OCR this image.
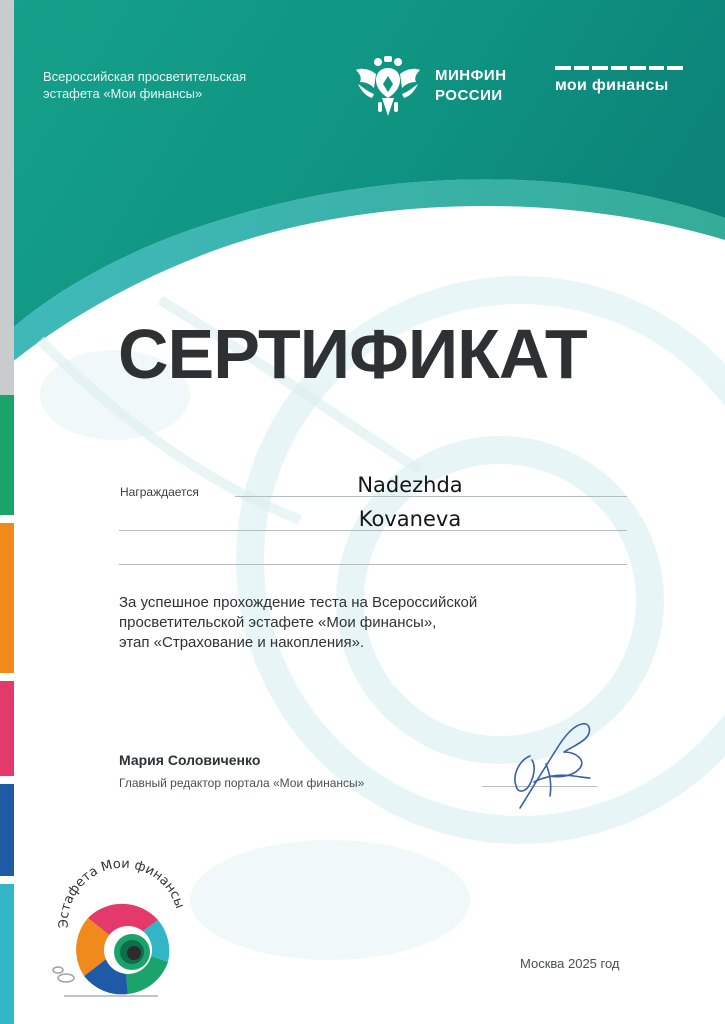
Всероссийская просветительская
эстафета «Мои финансы»
МИНФИН
РОССИИ
мои финансы
СЕРТИФИКАТ
Награждается	Nadezhda
Kovaneva
За успешное прохождение теста на Всероссийской
просветительской эстафете «Мои финансы»,
этап «Страхование и накопления».
Мария Соловиченко
Главный редактор портала «Мои финансы»
Эстафета Мои финансы
Москва 2025 год
